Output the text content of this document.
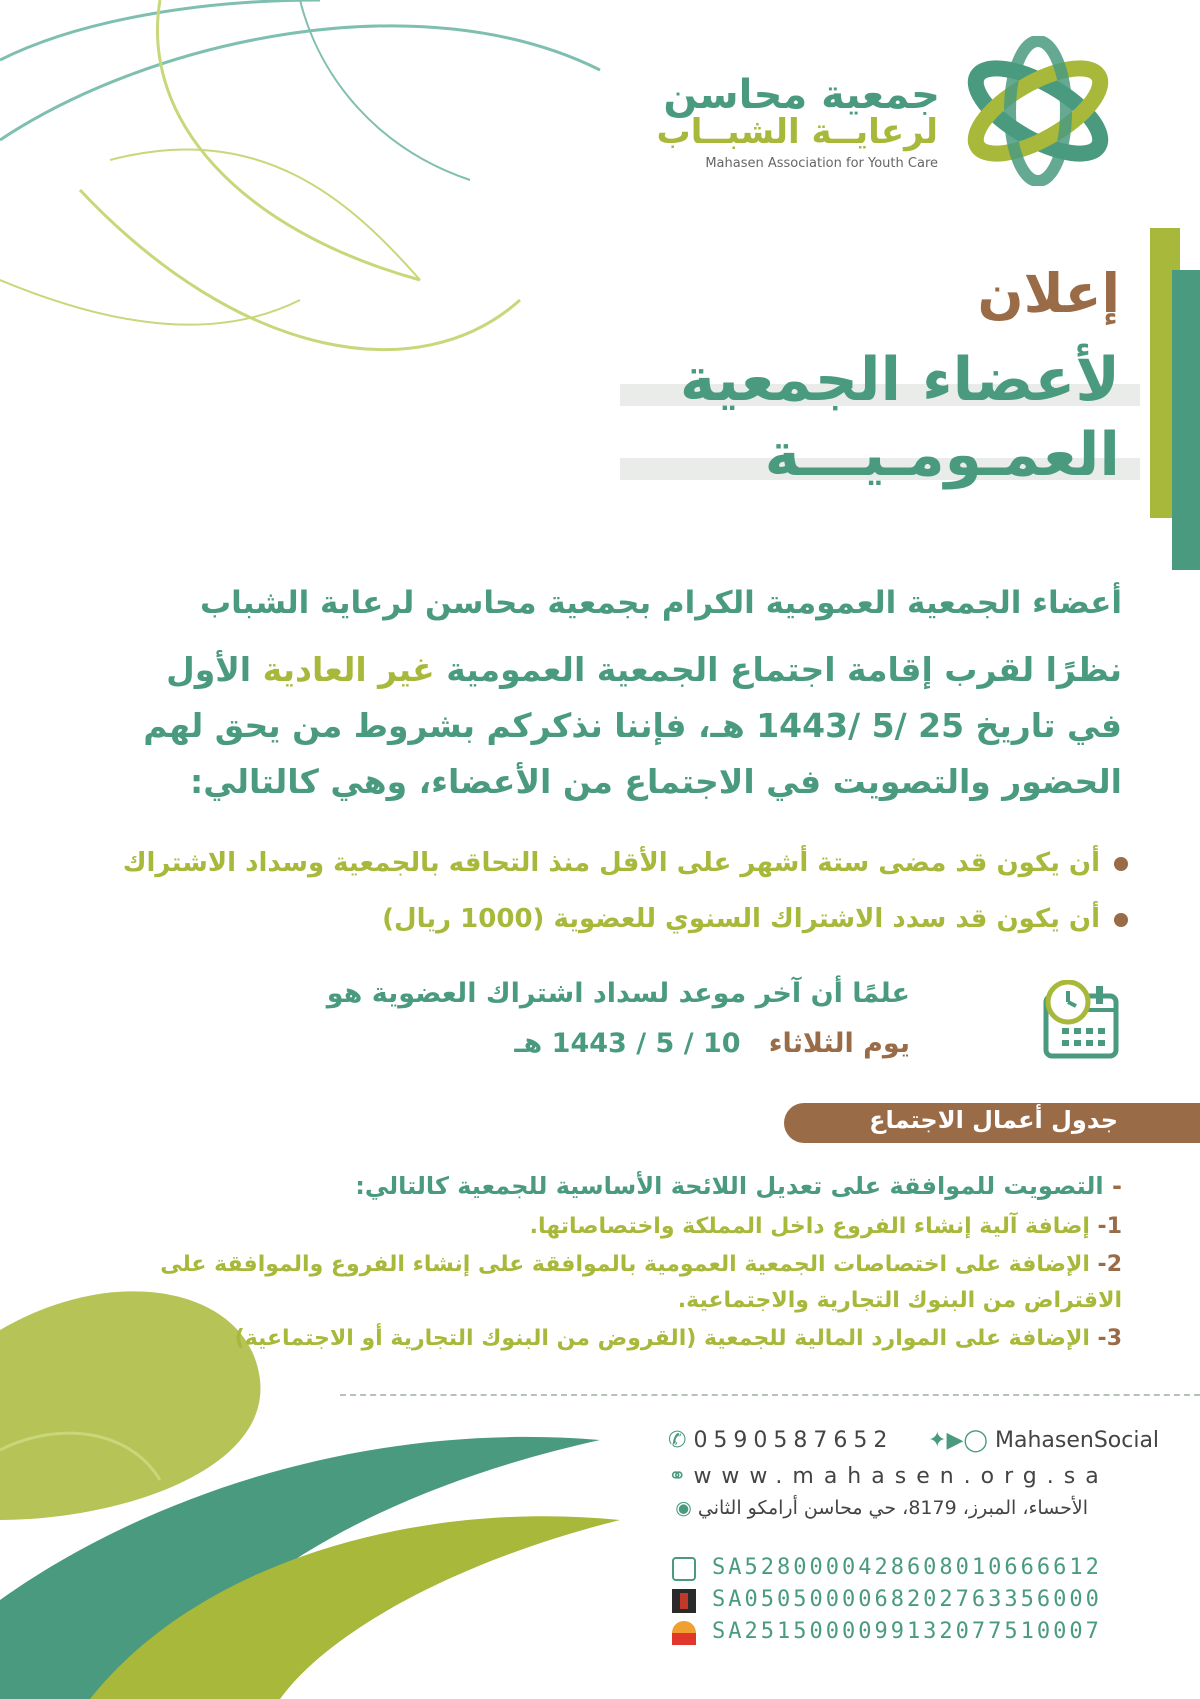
جمعية محاسن
لرعايــة الشبــاب
Mahasen Association for Youth Care
إعلان
لأعضاء الجمعية
العمـومـيـــة
أعضاء الجمعية العمومية الكرام بجمعية محاسن لرعاية الشباب
نظرًا لقرب إقامة اجتماع الجمعية العمومية غير العادية الأول
في تاريخ 25 /5 /1443 هـ، فإننا نذكركم بشروط من يحق لهم
الحضور والتصويت في الاجتماع من الأعضاء، وهي كالتالي:
أن يكون قد مضى ستة أشهر على الأقل منذ التحاقه بالجمعية وسداد الاشتراك
أن يكون قد سدد الاشتراك السنوي للعضوية (1000 ريال)
علمًا أن آخر موعد لسداد اشتراك العضوية هو
يوم الثلاثاء   10 / 5 / 1443 هـ
جدول أعمال الاجتماع
- التصويت للموافقة على تعديل اللائحة الأساسية للجمعية كالتالي:
1- إضافة آلية إنشاء الفروع داخل المملكة واختصاصاتها.
2- الإضافة على اختصاصات الجمعية العمومية بالموافقة على إنشاء الفروع والموافقة على
الاقتراض من البنوك التجارية والاجتماعية.
3- الإضافة على الموارد المالية للجمعية (القروض من البنوك التجارية أو الاجتماعية)
✆ 0590587652 ✦▶◯ MahasenSocial
⚭ www.mahasen.org.sa
الأحساء، المبرز، 8179، حي محاسن أرامكو الثاني ◉
SA5280000428608010666612
SA0505000068202763356000
SA2515000099132077510007
